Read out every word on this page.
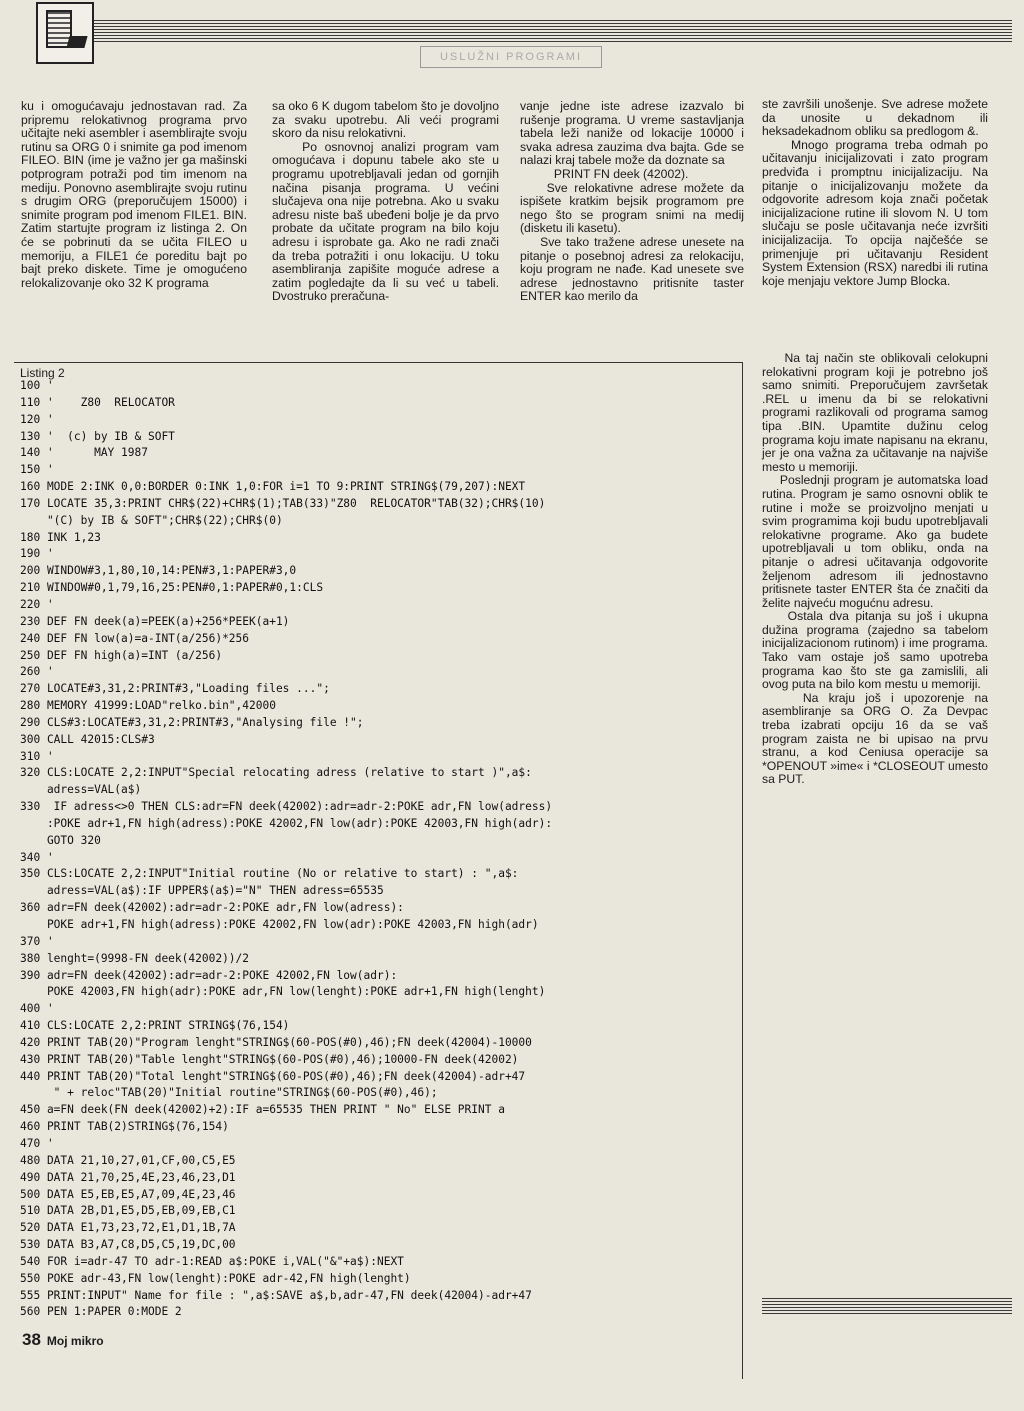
USLUŽNI PROGRAMI

ku i omogućavaju jednostavan rad. Za pripremu relokativnog programa prvo učitajte neki asembler i asemblirajte svoju rutinu sa ORG 0 i snimite ga pod imenom FILEO. BIN (ime je važno jer ga mašinski potprogram potraži pod tim imenom na mediju. Ponovno asemblirajte svoju rutinu s drugim ORG (preporučujem 15000) i snimite program pod imenom FILE1. BIN. Zatim startujte program iz listinga 2. On će se pobrinuti da se učita FILEO u memoriju, a FILE1 će poreditu bajt po bajt preko diskete. Time je omogućeno relokalizovanje oko 32 K programa

sa oko 6 K dugom tabelom što je dovoljno za svaku upotrebu. Ali veći programi skoro da nisu relokativni.
Po osnovnoj analizi program vam omogućava i dopunu tabele ako ste u programu upotrebljavali jedan od gornjih načina pisanja programa. U većini slučajeva ona nije potrebna. Ako u svaku adresu niste baš ubeđeni bolje je da prvo probate da učitate program na bilo koju adresu i isprobate ga. Ako ne radi znači da treba potražiti i onu lokaciju. U toku asembliranja zapišite moguće adrese a zatim pogledajte da li su već u tabeli. Dvostruko preračuna-

vanje jedne iste adrese izazvalo bi rušenje programa. U vreme sastavljanja tabela leži naniže od lokacije 10000 i svaka adresa zauzima dva bajta. Gde se nalazi kraj tabele može da doznate sa
PRINT FN deek (42002).
Sve relokativne adrese možete da ispišete kratkim bejsik programom pre nego što se program snimi na medij (disketu ili kasetu).
Sve tako tražene adrese unesete na pitanje o posebnoj adresi za relokaciju, koju program ne nađe. Kad unesete sve adrese jednostavno pritisnite taster ENTER kao merilo da

ste završili unošenje. Sve adrese možete da unosite u dekadnom ili heksadekadnom obliku sa predlogom &.
Mnogo programa treba odmah po učitavanju inicijalizovati i zato program predviđa i promptnu inicijalizaciju. Na pitanje o inicijalizovanju možete da odgovorite adresom koja znači početak inicijalizacione rutine ili slovom N. U tom slučaju se posle učitavanja neće izvršiti inicijalizacija. To opcija najčešće se primenjuje pri učitavanju Resident System Extension (RSX) naredbi ili rutina koje menjaju vektore Jump Blocka.

Na taj način ste oblikovali celokupni relokativni program koji je potrebno još samo snimiti. Preporučujem završetak .REL u imenu da bi se relokativni programi razlikovali od programa samog tipa .BIN. Upamtite dužinu celog programa koju imate napisanu na ekranu, jer je ona važna za učitavanje na najviše mesto u memoriji.
Poslednji program je automatska load rutina. Program je samo osnovni oblik te rutine i može se proizvoljno menjati u svim programima koji budu upotrebljavali relokativne programe. Ako ga budete upotrebljavali u tom obliku, onda na pitanje o adresi učitavanja odgovorite željenom adresom ili jednostavno pritisnete taster ENTER šta će značiti da želite najveću mogućnu adresu.
Ostala dva pitanja su još i ukupna dužina programa (zajedno sa tabelom inicijalizacionom rutinom) i ime programa. Tako vam ostaje još samo upotreba programa kao što ste ga zamislili, ali ovog puta na bilo kom mestu u memoriji.
Na kraju još i upozorenje na asembliranje sa ORG O. Za Devpac treba izabrati opciju 16 da se vaš program zaista ne bi upisao na prvu stranu, a kod Ceniusa operacije sa *OPENOUT »ime« i *CLOSEOUT umesto sa PUT.

Listing 2
100 '
110 '    Z80  RELOCATOR
120 '
130 '  (c) by IB & SOFT
140 '      MAY 1987
150 '
160 MODE 2:INK 0,0:BORDER 0:INK 1,0:FOR i=1 TO 9:PRINT STRING$(79,207):NEXT
170 LOCATE 35,3:PRINT CHR$(22)+CHR$(1);TAB(33)"Z80  RELOCATOR"TAB(32);CHR$(10)
"(C) by IB & SOFT";CHR$(22);CHR$(0)
180 INK 1,23
190 '
200 WINDOW#3,1,80,10,14:PEN#3,1:PAPER#3,0
210 WINDOW#0,1,79,16,25:PEN#0,1:PAPER#0,1:CLS
220 '
230 DEF FN deek(a)=PEEK(a)+256*PEEK(a+1)
240 DEF FN low(a)=a-INT(a/256)*256
250 DEF FN high(a)=INT (a/256)
260 '
270 LOCATE#3,31,2:PRINT#3,"Loading files ...";
280 MEMORY 41999:LOAD"relko.bin",42000
290 CLS#3:LOCATE#3,31,2:PRINT#3,"Analysing file !";
300 CALL 42015:CLS#3
310 '
320 CLS:LOCATE 2,2:INPUT"Special relocating adress (relative to start )",a$:
adress=VAL(a$)
330  IF adress<>0 THEN CLS:adr=FN deek(42002):adr=adr-2:POKE adr,FN low(adress)
:POKE adr+1,FN high(adress):POKE 42002,FN low(adr):POKE 42003,FN high(adr):
GOTO 320
340 '
350 CLS:LOCATE 2,2:INPUT"Initial routine (No or relative to start) : ",a$:
adress=VAL(a$):IF UPPER$(a$)="N" THEN adress=65535
360 adr=FN deek(42002):adr=adr-2:POKE adr,FN low(adress):
POKE adr+1,FN high(adress):POKE 42002,FN low(adr):POKE 42003,FN high(adr)
370 '
380 lenght=(9998-FN deek(42002))/2
390 adr=FN deek(42002):adr=adr-2:POKE 42002,FN low(adr):
POKE 42003,FN high(adr):POKE adr,FN low(lenght):POKE adr+1,FN high(lenght)
400 '
410 CLS:LOCATE 2,2:PRINT STRING$(76,154)
420 PRINT TAB(20)"Program lenght"STRING$(60-POS(#0),46);FN deek(42004)-10000
430 PRINT TAB(20)"Table lenght"STRING$(60-POS(#0),46);10000-FN deek(42002)
440 PRINT TAB(20)"Total lenght"STRING$(60-POS(#0),46);FN deek(42004)-adr+47
" + reloc"TAB(20)"Initial routine"STRING$(60-POS(#0),46);
450 a=FN deek(FN deek(42002)+2):IF a=65535 THEN PRINT " No" ELSE PRINT a
460 PRINT TAB(2)STRING$(76,154)
470 '
480 DATA 21,10,27,01,CF,00,C5,E5
490 DATA 21,70,25,4E,23,46,23,D1
500 DATA E5,EB,E5,A7,09,4E,23,46
510 DATA 2B,D1,E5,D5,EB,09,EB,C1
520 DATA E1,73,23,72,E1,D1,1B,7A
530 DATA B3,A7,C8,D5,C5,19,DC,00
540 FOR i=adr-47 TO adr-1:READ a$:POKE i,VAL("&"+a$):NEXT
550 POKE adr-43,FN low(lenght):POKE adr-42,FN high(lenght)
555 PRINT:INPUT" Name for file : ",a$:SAVE a$,b,adr-47,FN deek(42004)-adr+47
560 PEN 1:PAPER 0:MODE 2
38 Moj mikro
